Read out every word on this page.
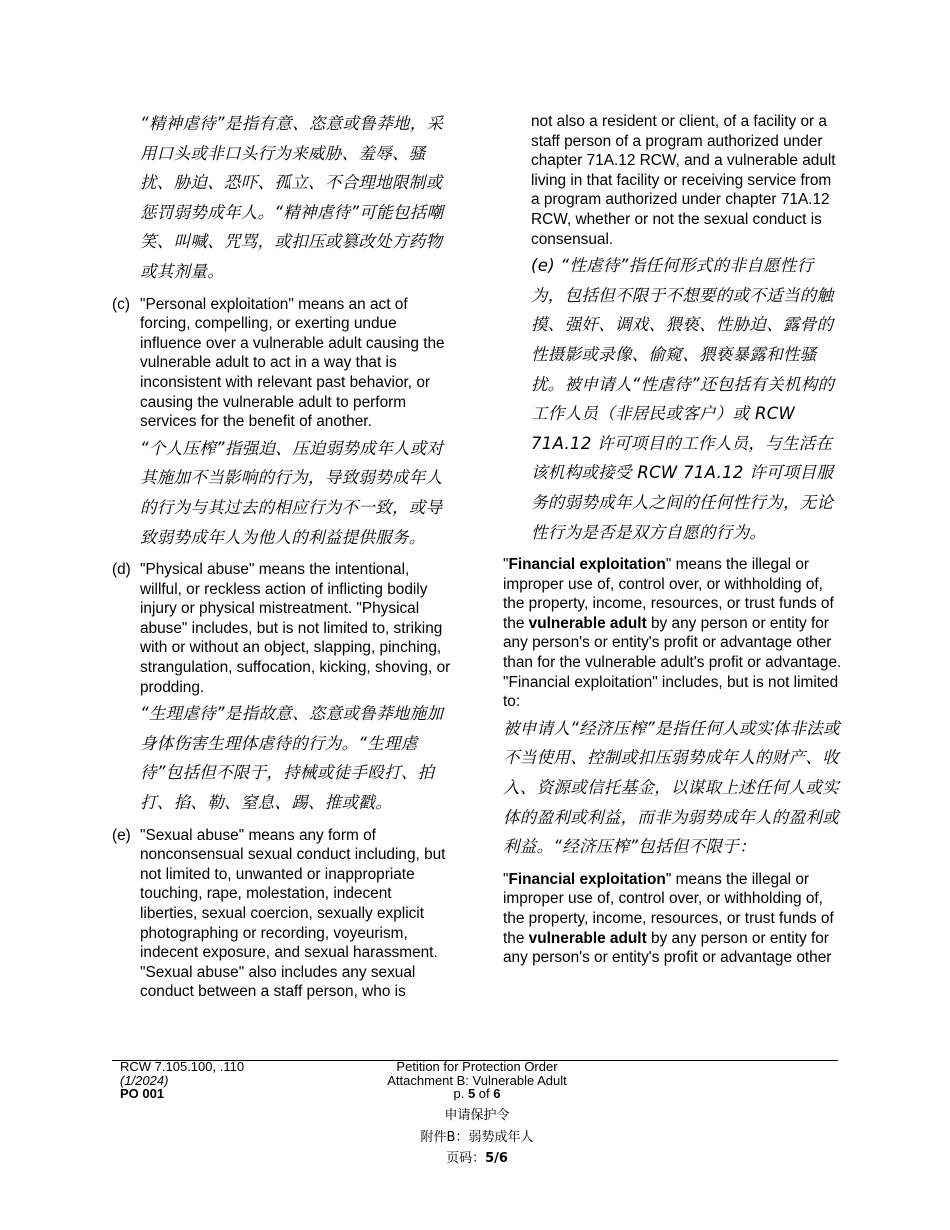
“精神虐待”是指有意、恣意或鲁莽地，采用口头或非口头行为来威胁、羞辱、骚扰、胁迫、恐吓、孤立、不合理地限制或惩罚弱势成年人。“精神虐待”可能包括嘲笑、叫喊、咒骂，或扣压或篡改处方药物或其剂量。

(c) "Personal exploitation" means an act of forcing, compelling, or exerting undue influence over a vulnerable adult causing the vulnerable adult to act in a way that is inconsistent with relevant past behavior, or causing the vulnerable adult to perform services for the benefit of another.

“个人压榨”指强迫、压迫弱势成年人或对其施加不当影响的行为，导致弱势成年人的行为与其过去的相应行为不一致，或导致弱势成年人为他人的利益提供服务。

(d) "Physical abuse" means the intentional, willful, or reckless action of inflicting bodily injury or physical mistreatment. "Physical abuse" includes, but is not limited to, striking with or without an object, slapping, pinching, strangulation, suffocation, kicking, shoving, or prodding.

“生理虐待”是指故意、恣意或鲁莽地施加身体伤害生理体虐待的行为。“生理虐待”包括但不限于，持械或徒手殴打、拍打、掐、勒、窒息、踢、推或戳。

(e) "Sexual abuse" means any form of nonconsensual sexual conduct including, but not limited to, unwanted or inappropriate touching, rape, molestation, indecent liberties, sexual coercion, sexually explicit photographing or recording, voyeurism, indecent exposure, and sexual harassment. "Sexual abuse" also includes any sexual conduct between a staff person, who is

not also a resident or client, of a facility or a staff person of a program authorized under chapter 71A.12 RCW, and a vulnerable adult living in that facility or receiving service from a program authorized under chapter 71A.12 RCW, whether or not the sexual conduct is consensual.

(e) “性虐待”指任何形式的非自愿性行为，包括但不限于不想要的或不适当的触摸、强奸、调戏、猥亵、性胁迫、露骨的性摄影或录像、偷窥、猥亵暴露和性骚扰。被申请人“性虐待”还包括有关机构的工作人员（非居民或客户）或 RCW 71A.12 许可项目的工作人员，与生活在该机构或接受 RCW 71A.12 许可项目服务的弱势成年人之间的任何性行为，无论性行为是否是双方自愿的行为。

"Financial exploitation" means the illegal or improper use of, control over, or withholding of, the property, income, resources, or trust funds of the vulnerable adult by any person or entity for any person's or entity's profit or advantage other than for the vulnerable adult's profit or advantage. "Financial exploitation" includes, but is not limited to:

被申请人“经济压榨”是指任何人或实体非法或不当使用、控制或扣压弱势成年人的财产、收入、资源或信托基金，以谋取上述任何人或实体的盈利或利益，而非为弱势成年人的盈利或利益。“经济压榨”包括但不限于：

"Financial exploitation" means the illegal or improper use of, control over, or withholding of, the property, income, resources, or trust funds of the vulnerable adult by any person or entity for any person's or entity's profit or advantage other

RCW 7.105.100, .110
(1/2024)
PO 001
Petition for Protection Order
Attachment B: Vulnerable Adult
p. 5 of 6
申请保护令
附件B：弱势成年人
页码：5/6
